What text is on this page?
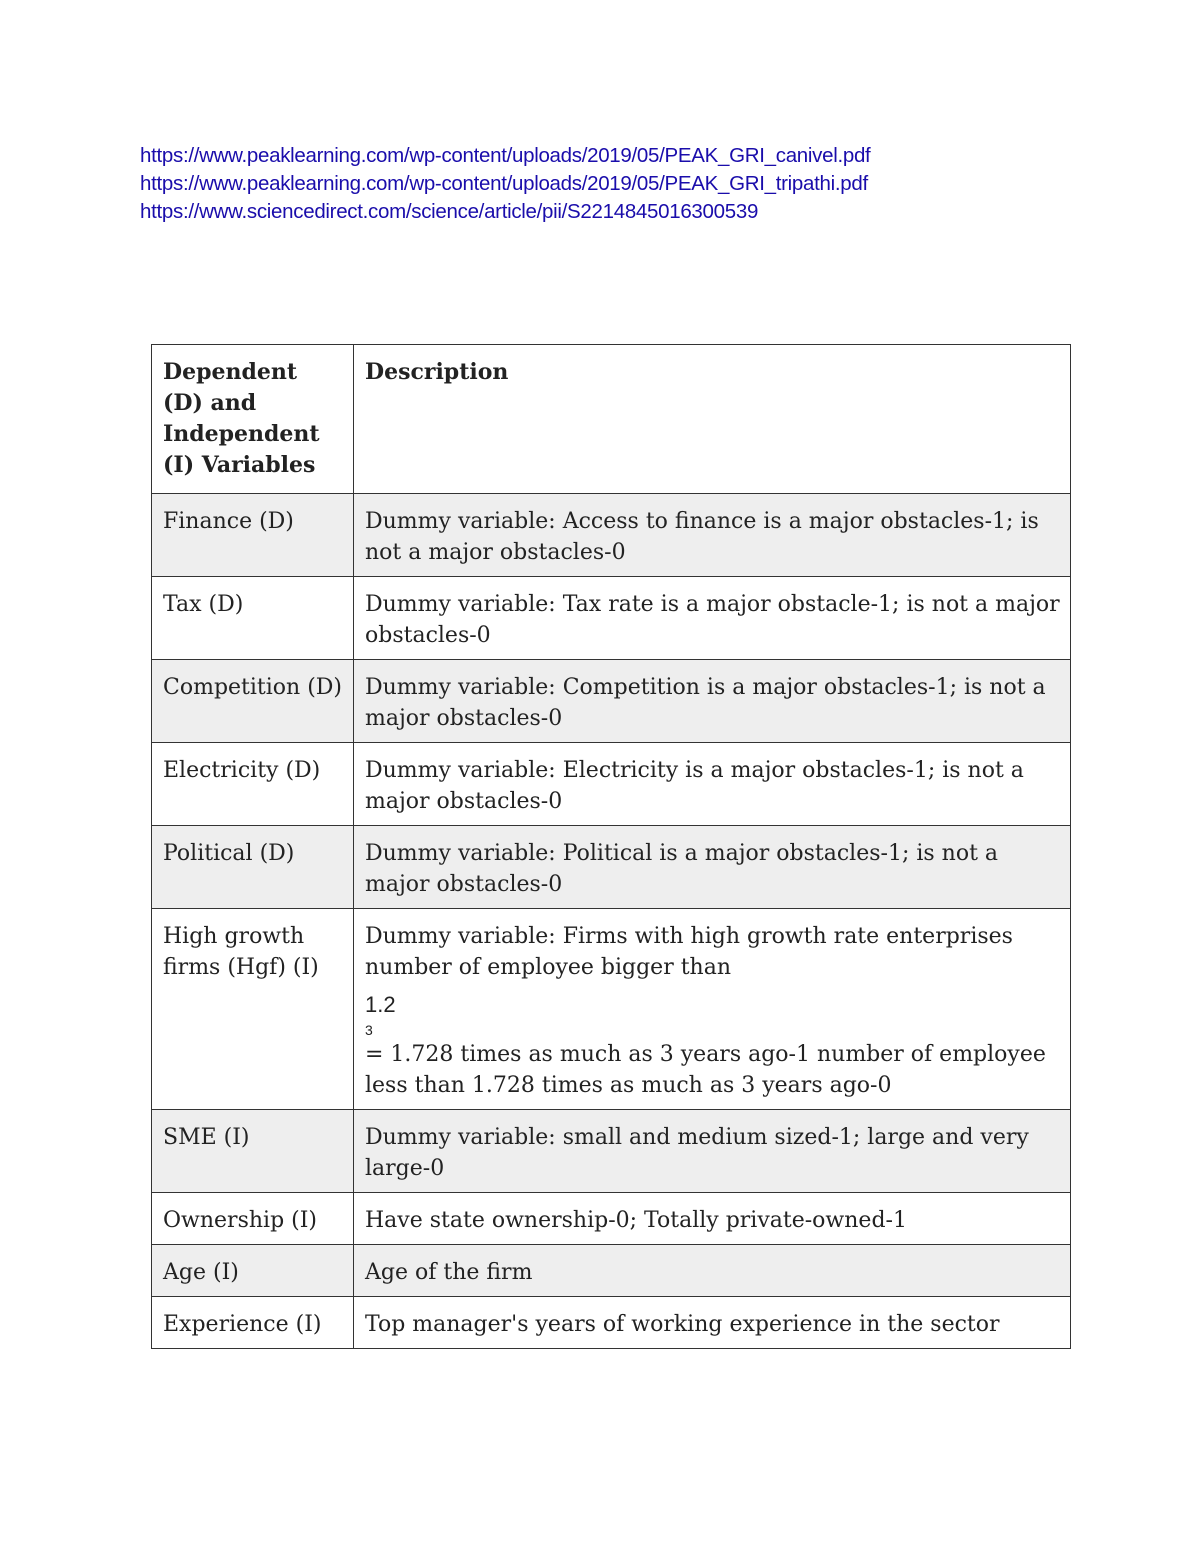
https://www.peaklearning.com/wp-content/uploads/2019/05/PEAK_GRI_canivel.pdf
https://www.peaklearning.com/wp-content/uploads/2019/05/PEAK_GRI_tripathi.pdf
https://www.sciencedirect.com/science/article/pii/S2214845016300539
Dependent (D) and Independent (I) Variables	Description
Finance (D)	Dummy variable: Access to finance is a major obstacles-1; is not a major obstacles-0
Tax (D)	Dummy variable: Tax rate is a major obstacle-1; is not a major obstacles-0
Competition (D)	Dummy variable: Competition is a major obstacles-1; is not a major obstacles-0
Electricity (D)	Dummy variable: Electricity is a major obstacles-1; is not a major obstacles-0
Political (D)	Dummy variable: Political is a major obstacles-1; is not a major obstacles-0
High growth firms (Hgf) (I)	Dummy variable: Firms with high growth rate enterprises number of employee bigger than
1.2
3
= 1.728 times as much as 3 years ago-1 number of employee less than 1.728 times as much as 3 years ago-0

SME (I)	Dummy variable: small and medium sized-1; large and very large-0
Ownership (I)	Have state ownership-0; Totally private-owned-1
Age (I)	Age of the firm
Experience (I)	Top manager's years of working experience in the sector
